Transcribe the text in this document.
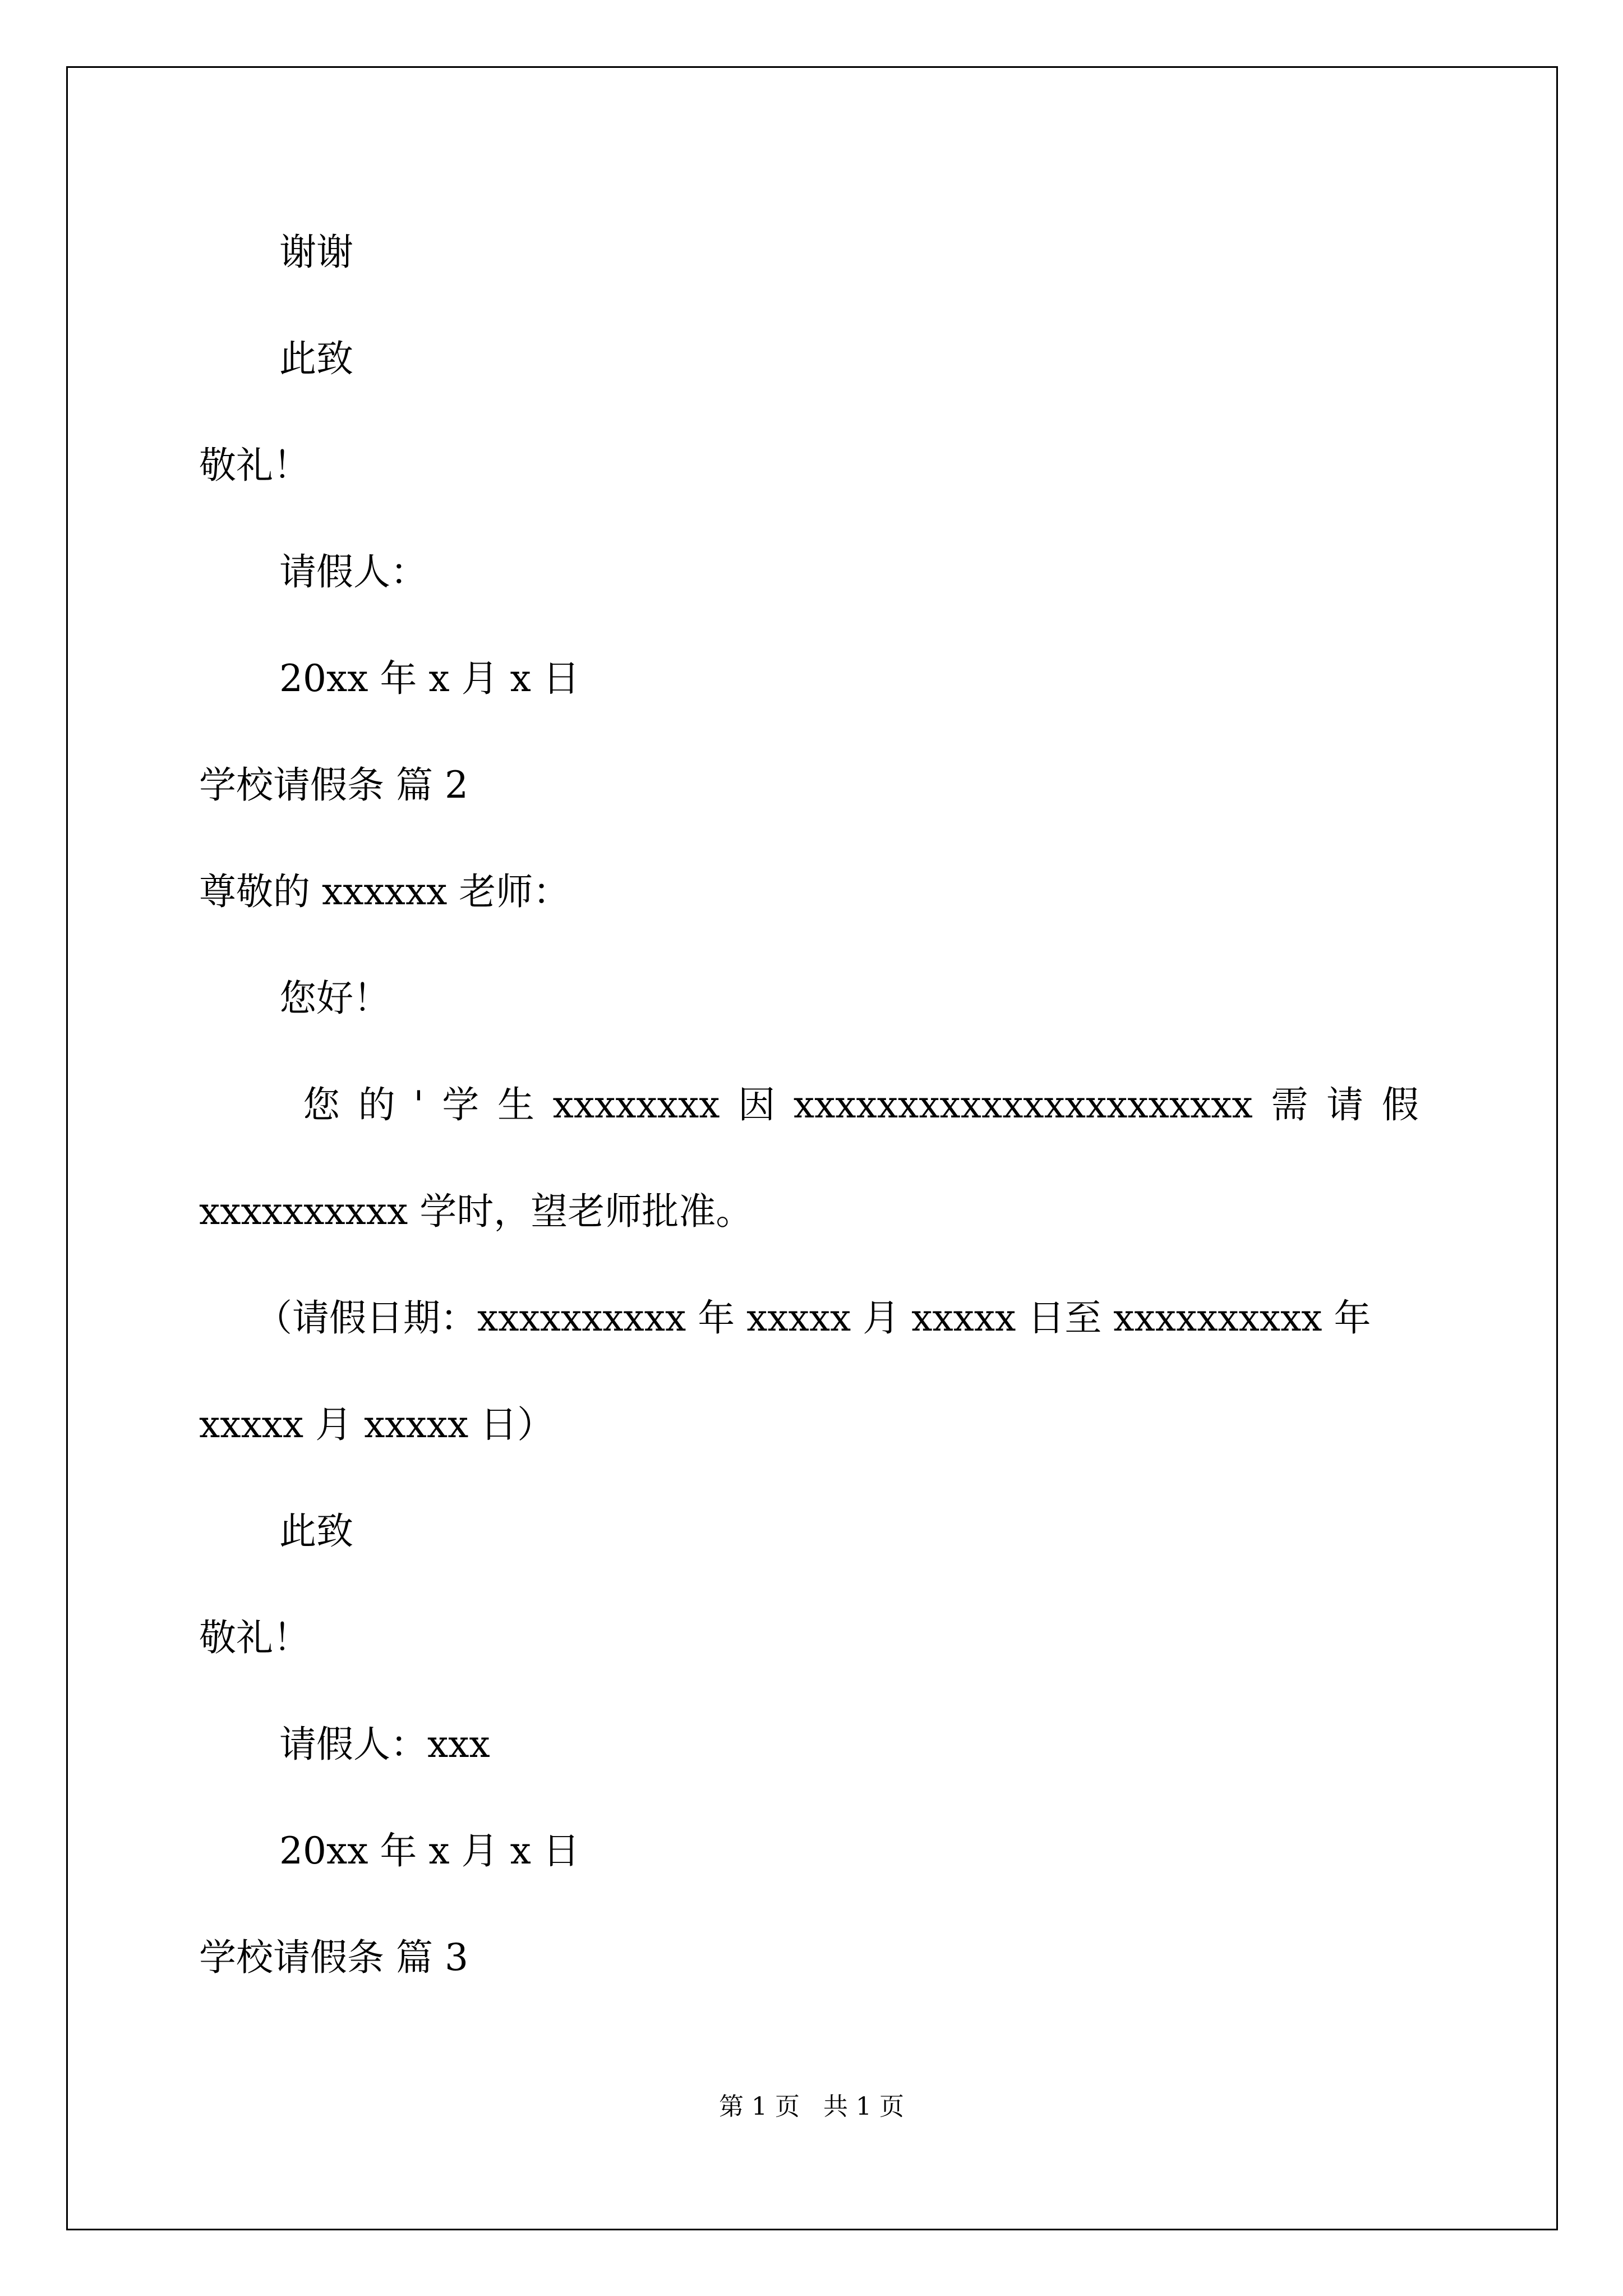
谢谢
此致
敬礼！
请假人：
20xx 年 x 月 x 日
学校请假条 篇 2
尊敬的 xxxxxx 老师：
您好！
您 的 ' 学 生 xxxxxxxx 因 xxxxxxxxxxxxxxxxxxxxxx 需 请 假
xxxxxxxxxx 学时，望老师批准。
（请假日期：xxxxxxxxxx 年 xxxxx 月 xxxxx 日至 xxxxxxxxxx 年
xxxxx 月 xxxxx 日）
此致
敬礼！
请假人：xxx
20xx 年 x 月 x 日
学校请假条 篇 3
第 1 页   共 1 页
